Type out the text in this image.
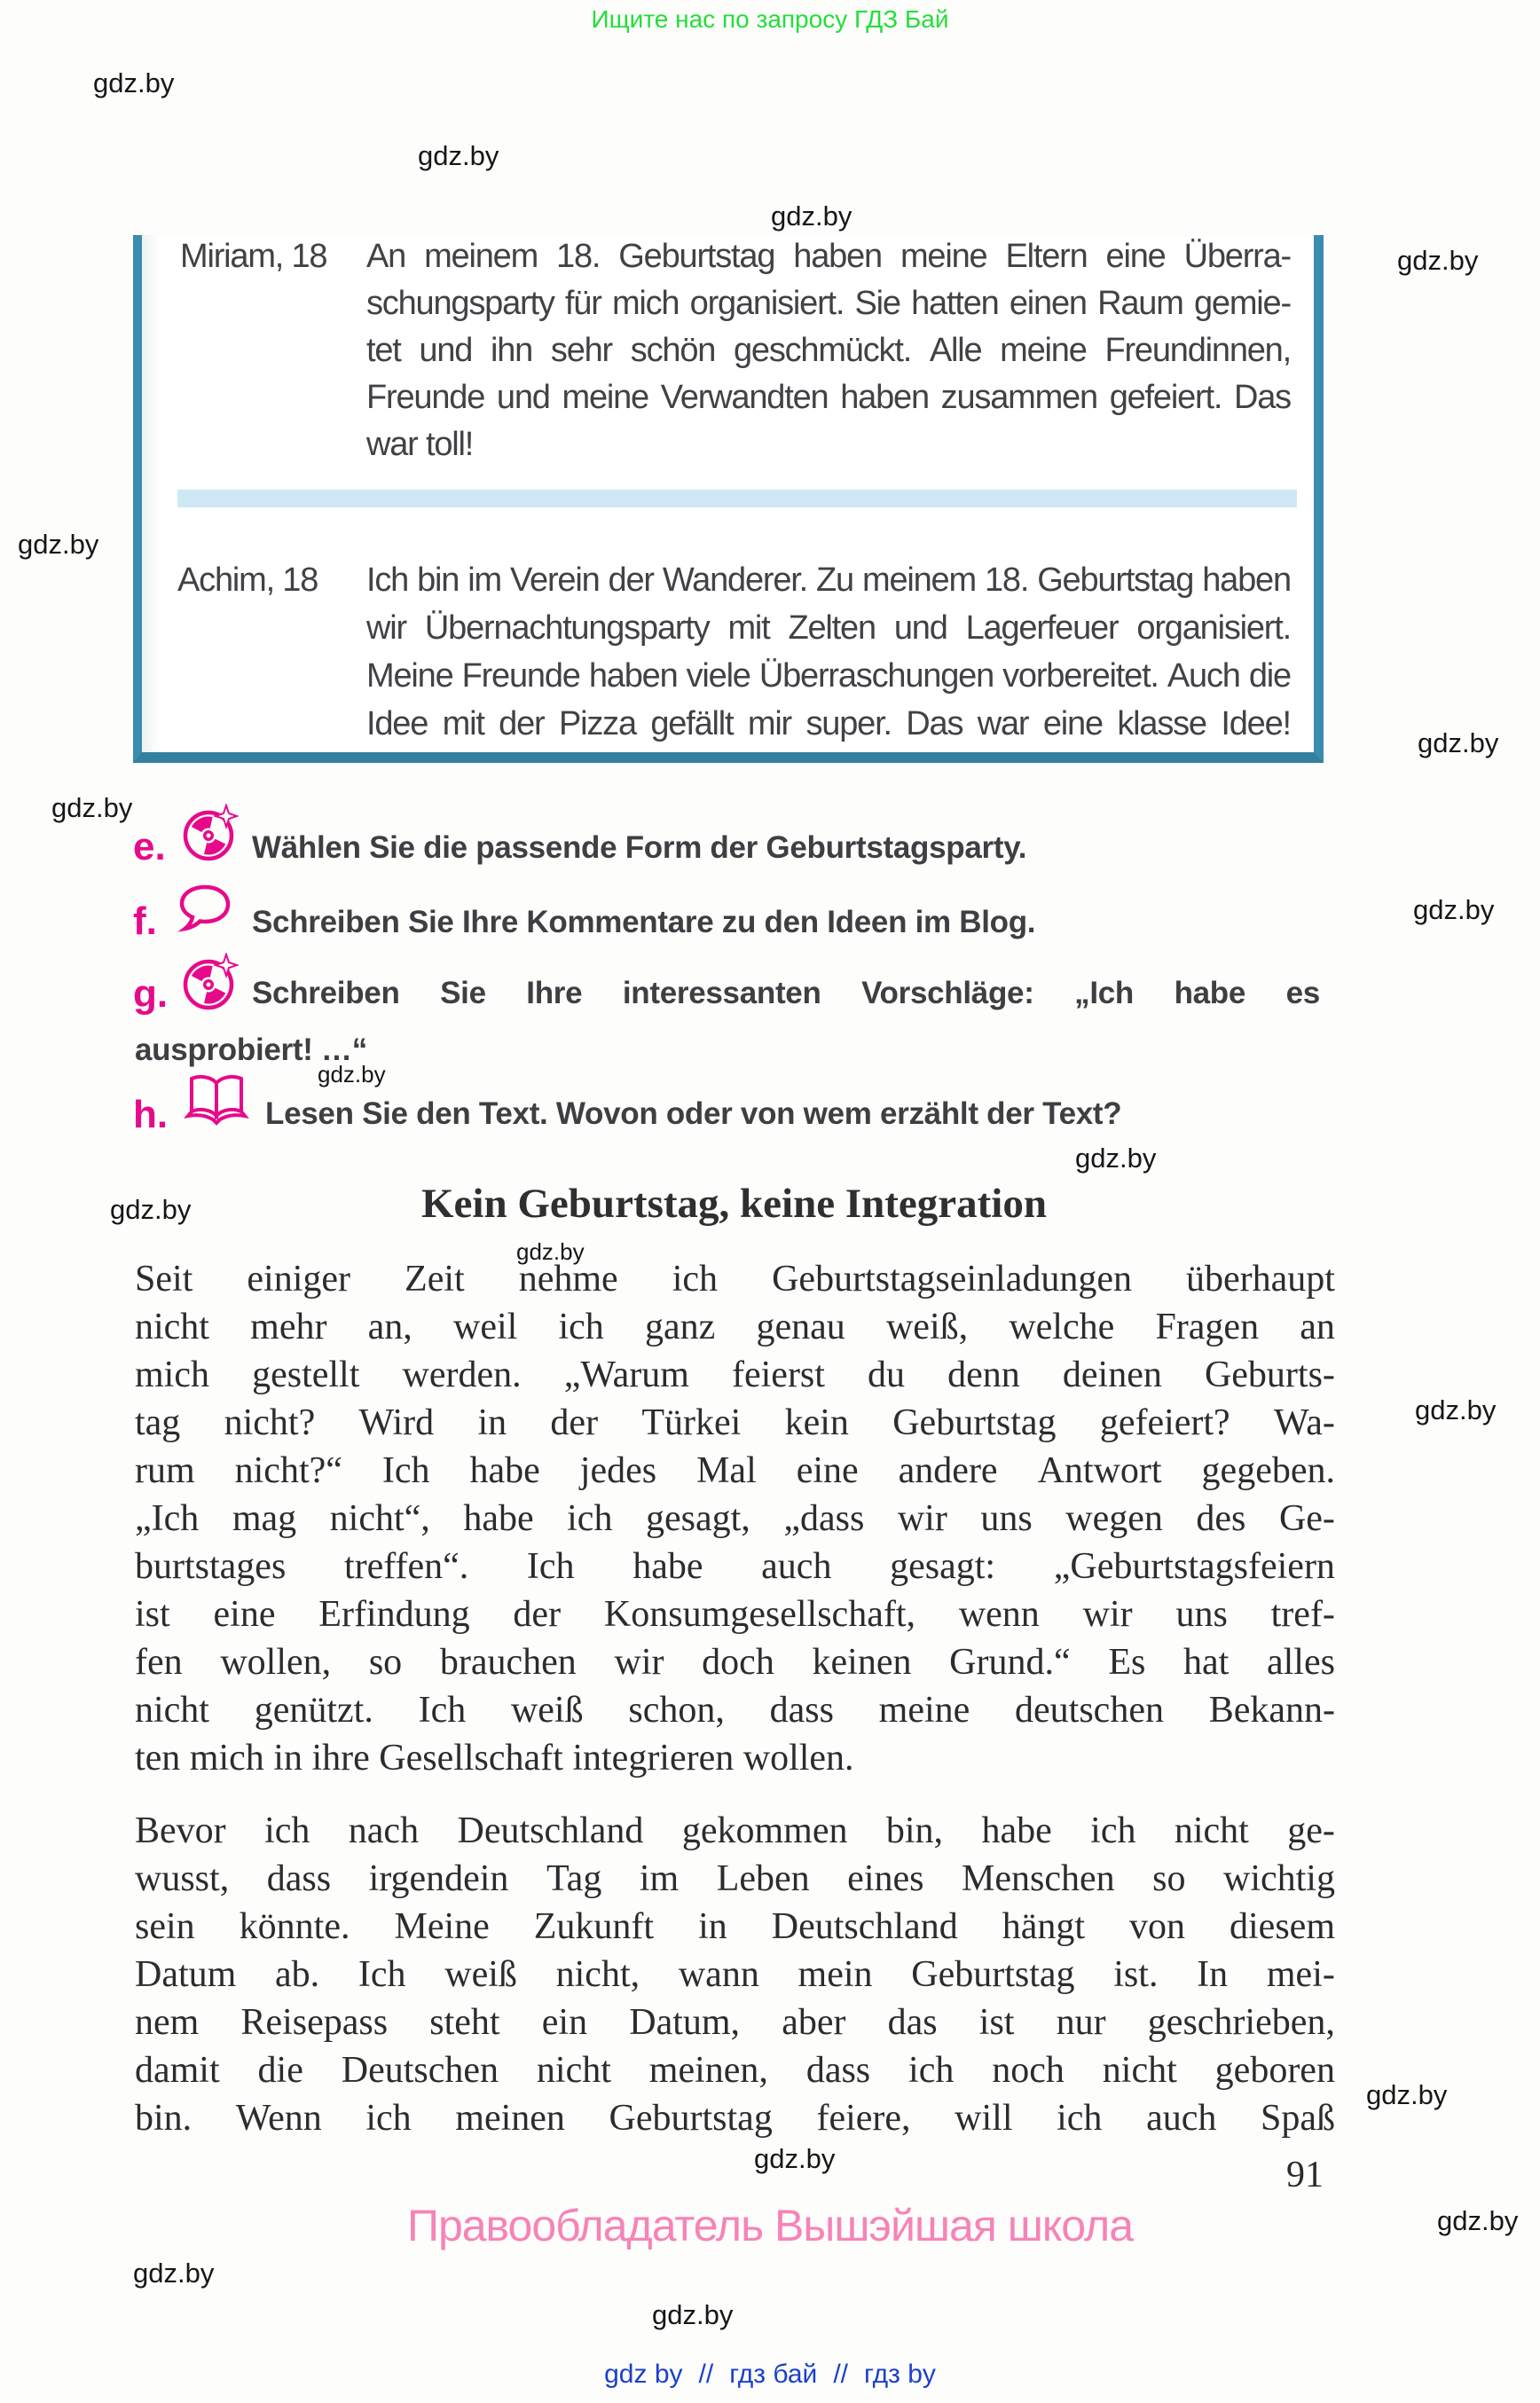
Ищите нас по запросу ГДЗ Бай
gdz.by
gdz.by
gdz.by
gdz.by
gdz.by
gdz.by
gdz.by
gdz.by
gdz.by
gdz.by
gdz.by
gdz.by
gdz.by
gdz.by
gdz.by
gdz.by
gdz.by
gdz.by
Miriam, 18 An meinem 18. Geburtstag haben meine Eltern eine Überra-
schungsparty für mich organisiert. Sie hatten einen Raum gemie-
tet und ihn sehr schön geschmückt. Alle meine Freundinnen,
Freunde und meine Verwandten haben zusammen gefeiert. Das
war toll!
Achim, 18 Ich bin im Verein der Wanderer. Zu meinem 18. Geburtstag haben
wir Übernachtungsparty mit Zelten und Lagerfeuer organisiert.
Meine Freunde haben viele Überraschungen vorbereitet. Auch die
Idee mit der Pizza gefällt mir super. Das war eine klasse Idee!
e.	Wählen Sie die passende Form der Geburtstagsparty.
f.	Schreiben Sie Ihre Kommentare zu den Ideen im Blog.
g.	Schreiben Sie Ihre interessanten Vorschläge: „Ich habe es
ausprobiert! …“
h.	Lesen Sie den Text. Wovon oder von wem erzählt der Text?
Kein Geburtstag, keine Integration
Seit einiger Zeit nehme ich Geburtstagseinladungen überhaupt
nicht mehr an, weil ich ganz genau weiß, welche Fragen an
mich gestellt werden. „Warum feierst du denn deinen Geburts-
tag nicht? Wird in der Türkei kein Geburtstag gefeiert? Wa-
rum nicht?“ Ich habe jedes Mal eine andere Antwort gegeben.
„Ich mag nicht“, habe ich gesagt, „dass wir uns wegen des Ge-
burtstages treffen“. Ich habe auch gesagt: „Geburtstagsfeiern
ist eine Erfindung der Konsumgesellschaft, wenn wir uns tref-
fen wollen, so brauchen wir doch keinen Grund.“ Es hat alles
nicht genützt. Ich weiß schon, dass meine deutschen Bekann-
ten mich in ihre Gesellschaft integrieren wollen.
Bevor ich nach Deutschland gekommen bin, habe ich nicht ge-
wusst, dass irgendein Tag im Leben eines Menschen so wichtig
sein könnte. Meine Zukunft in Deutschland hängt von diesem
Datum ab. Ich weiß nicht, wann mein Geburtstag ist. In mei-
nem Reisepass steht ein Datum, aber das ist nur geschrieben,
damit die Deutschen nicht meinen, dass ich noch nicht geboren
bin. Wenn ich meinen Geburtstag feiere, will ich auch Spaß
91
Правообладатель Вышэйшая школа
gdz by // гдз бай // гдз by
